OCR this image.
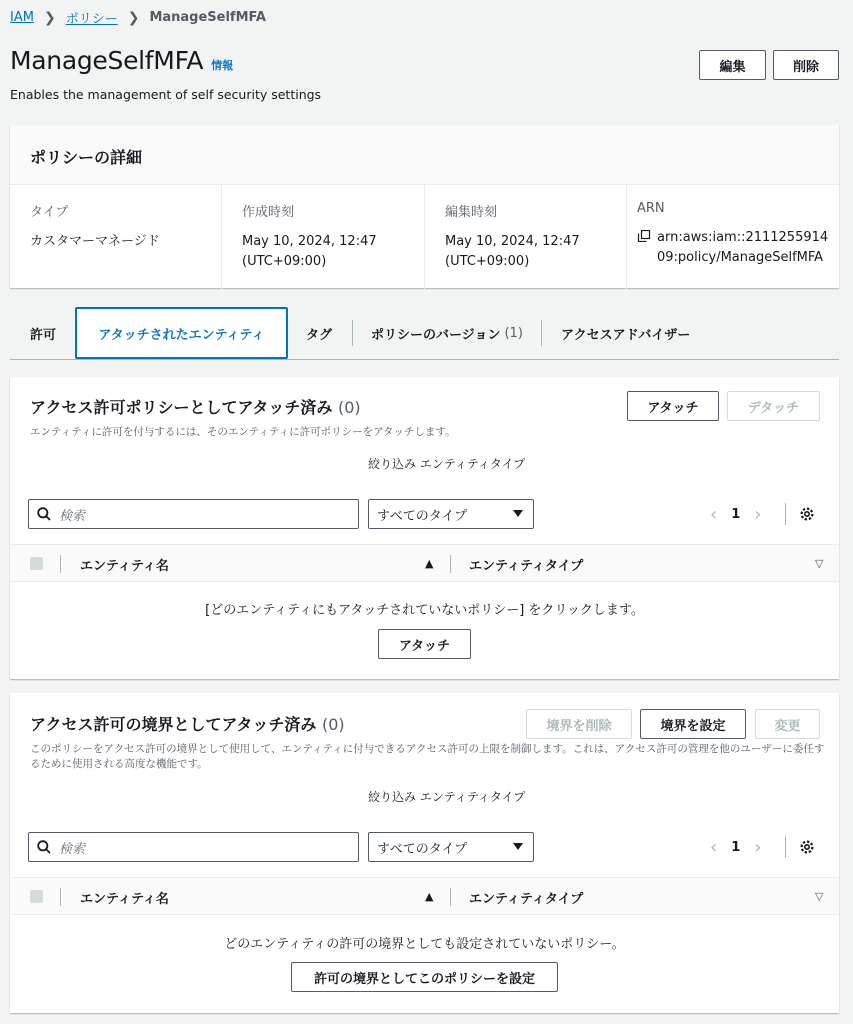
IAM ❯ ポリシー ❯ ManageSelfMFA
ManageSelfMFA 情報
Enables the management of self security settings
編集	削除
ポリシーの詳細
タイプ
カスタマーマネージド
作成時刻
May 10, 2024, 12:47
(UTC+09:00)
編集時刻
May 10, 2024, 12:47
(UTC+09:00)
ARN
arn:aws:iam::2111255914
09:policy/ManageSelfMFA
許可	アタッチされたエンティティ	タグ	ポリシーのバージョン (1)	アクセスアドバイザー
アクセス許可ポリシーとしてアタッチ済み (0)	アタッチ	デタッチ
エンティティに許可を付与するには、そのエンティティに許可ポリシーをアタッチします。
絞り込み エンティティタイプ
検索	すべてのタイプ	‹ 1 ›
エンティティ名	▲	エンティティタイプ	▽
[どのエンティティにもアタッチされていないポリシー] をクリックします。
アタッチ
アクセス許可の境界としてアタッチ済み (0)	境界を削除	境界を設定	変更
このポリシーをアクセス許可の境界として使用して、エンティティに付与できるアクセス許可の上限を制御します。これは、アクセス許可の管理を他のユーザーに委任するために使用される高度な機能です。
絞り込み エンティティタイプ
検索	すべてのタイプ	‹ 1 ›
エンティティ名	▲	エンティティタイプ	▽
どのエンティティの許可の境界としても設定されていないポリシー。
許可の境界としてこのポリシーを設定
